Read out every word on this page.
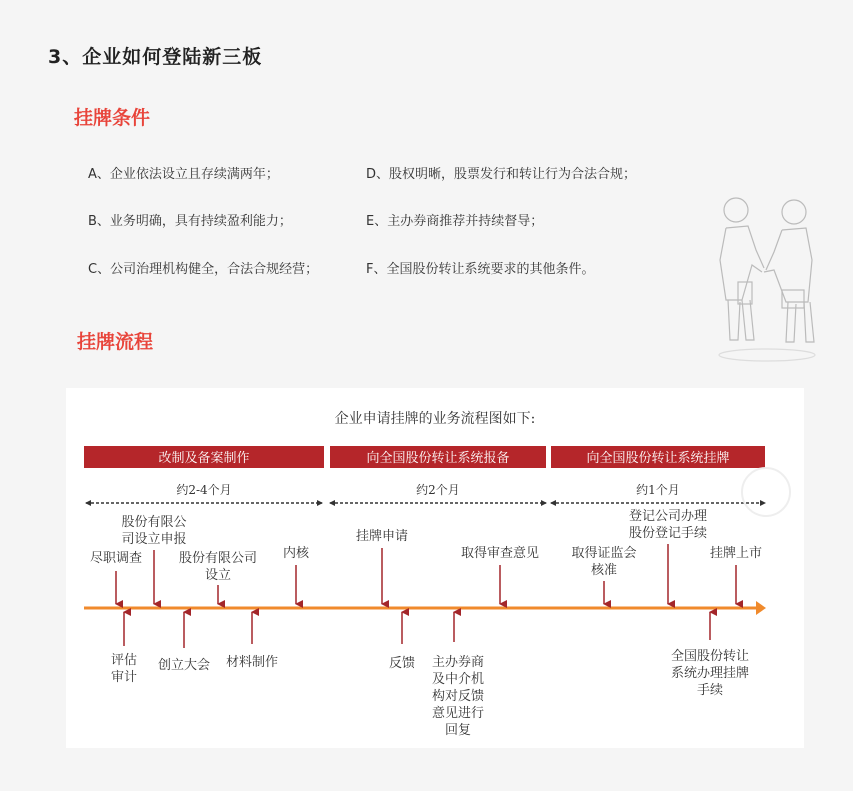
3、企业如何登陆新三板
挂牌条件
A、企业依法设立且存续满两年；
B、业务明确，具有持续盈利能力；
C、公司治理机构健全，合法合规经营；
D、股权明晰，股票发行和转让行为合法合规；
E、主办券商推荐并持续督导；
F、全国股份转让系统要求的其他条件。
挂牌流程
企业申请挂牌的业务流程图如下:
改制及备案制作	向全国股份转让系统报备	向全国股份转让系统挂牌
约2-4个月	约2个月	约1个月
尽职调查
股份有限公
司设立申报
股份有限公司
设立
内核
挂牌申请
取得审查意见 取得证监会
核准
登记公司办理
股份登记手续
挂牌上市
评估
审计
创立大会 材料制作	反馈 主办券商
及中介机
构对反馈
意见进行
回复
全国股份转让
系统办理挂牌
手续
